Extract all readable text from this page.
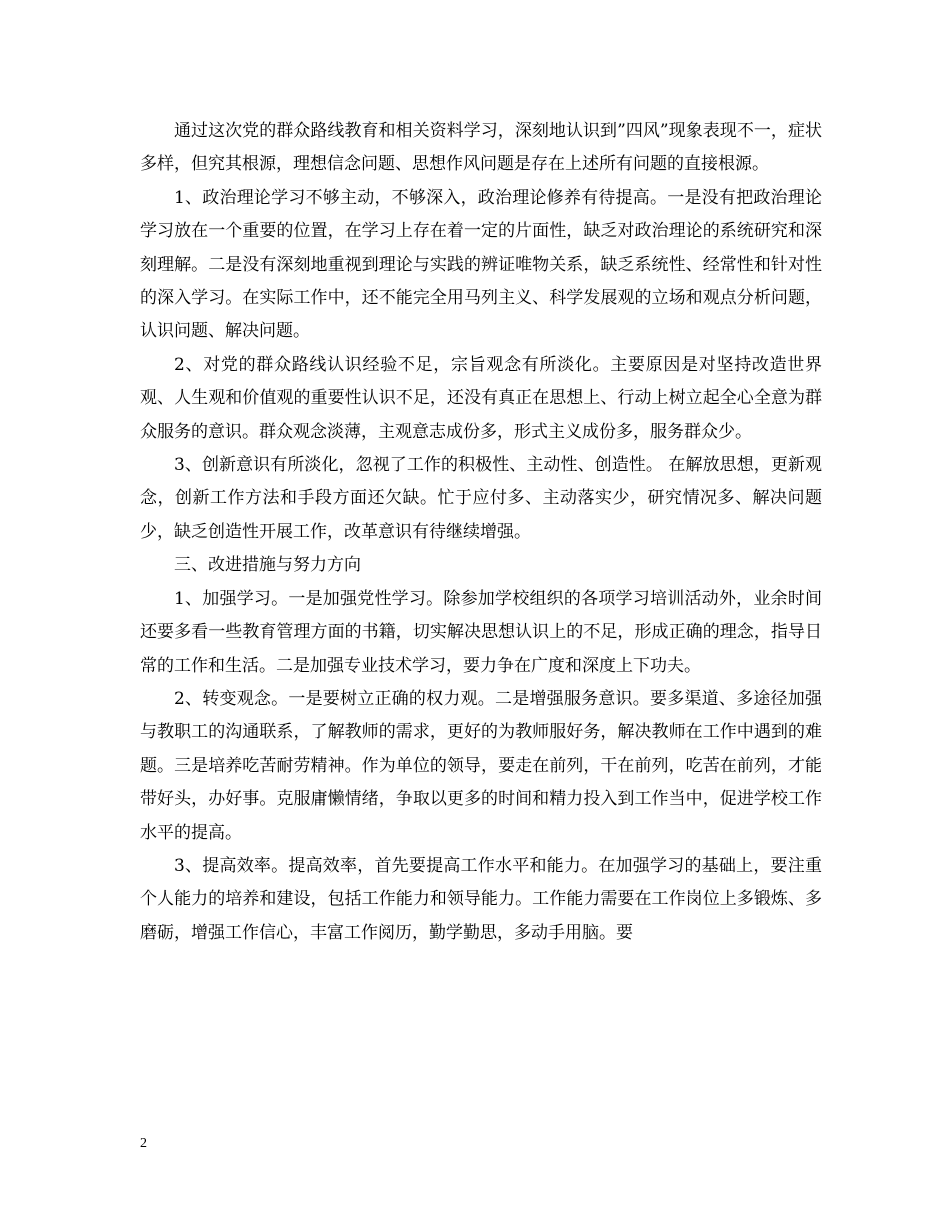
通过这次党的群众路线教育和相关资料学习，深刻地认识到”四风”现象表现不一，症状多样，但究其根源，理想信念问题、思想作风问题是存在上述所有问题的直接根源。

1、政治理论学习不够主动，不够深入，政治理论修养有待提高。一是没有把政治理论学习放在一个重要的位置，在学习上存在着一定的片面性，缺乏对政治理论的系统研究和深刻理解。二是没有深刻地重视到理论与实践的辨证唯物关系，缺乏系统性、经常性和针对性的深入学习。在实际工作中，还不能完全用马列主义、科学发展观的立场和观点分析问题，认识问题、解决问题。

2、对党的群众路线认识经验不足，宗旨观念有所淡化。主要原因是对坚持改造世界观、人生观和价值观的重要性认识不足，还没有真正在思想上、行动上树立起全心全意为群众服务的意识。群众观念淡薄，主观意志成份多，形式主义成份多，服务群众少。

3、创新意识有所淡化，忽视了工作的积极性、主动性、创造性。 在解放思想，更新观念，创新工作方法和手段方面还欠缺。忙于应付多、主动落实少，研究情况多、解决问题少，缺乏创造性开展工作，改革意识有待继续增强。

三、改进措施与努力方向

1、加强学习。一是加强党性学习。除参加学校组织的各项学习培训活动外，业余时间还要多看一些教育管理方面的书籍，切实解决思想认识上的不足，形成正确的理念，指导日常的工作和生活。二是加强专业技术学习，要力争在广度和深度上下功夫。

2、转变观念。一是要树立正确的权力观。二是增强服务意识。要多渠道、多途径加强与教职工的沟通联系，了解教师的需求，更好的为教师服好务，解决教师在工作中遇到的难题。三是培养吃苦耐劳精神。作为单位的领导，要走在前列，干在前列，吃苦在前列，才能带好头，办好事。克服庸懒情绪，争取以更多的时间和精力投入到工作当中，促进学校工作水平的提高。

3、提高效率。提高效率，首先要提高工作水平和能力。在加强学习的基础上，要注重个人能力的培养和建设，包括工作能力和领导能力。工作能力需要在工作岗位上多锻炼、多磨砺，增强工作信心，丰富工作阅历，勤学勤思，多动手用脑。要

2
